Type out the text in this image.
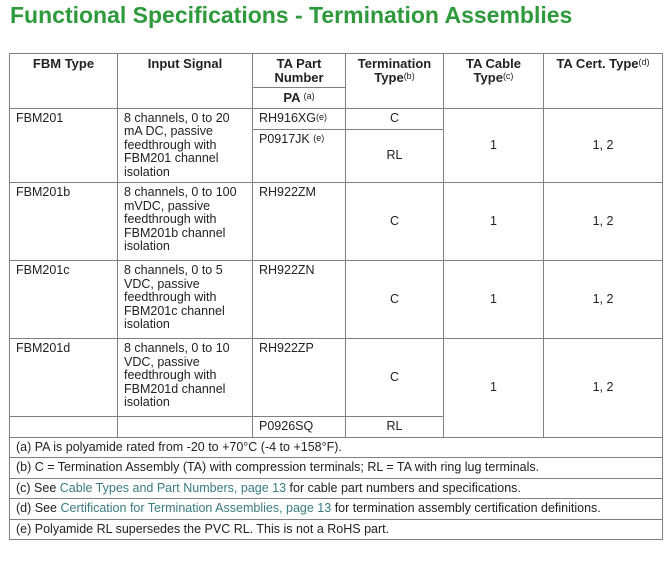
Functional Specifications - Termination Assemblies
FBM Type	Input Signal	TA Part Number	Termination Type$^{(b)}$	TA Cable Type$^{(c)}$	TA Cert. Type$^{(d)}$
		PA $^{(a)}$
FBM201	8 channels, 0 to 20 mA DC, passive feedthrough with FBM201 channel isolation	RH916XG$^{(e)}$	C	1	1, 2
		P0917JK $^{(e)}$	RL		
FBM201b	8 channels, 0 to 100 mVDC, passive feedthrough with FBM201b channel isolation	RH922ZM	C	1	1, 2
FBM201c	8 channels, 0 to 5 VDC, passive feedthrough with FBM201c channel isolation	RH922ZN	C	1	1, 2
FBM201d	8 channels, 0 to 10 VDC, passive feedthrough with FBM201d channel isolation	RH922ZP	C	1	1, 2
		P0926SQ	RL		
(a) PA is polyamide rated from -20 to +70°C (-4 to +158°F).					
(b) C = Termination Assembly (TA) with compression terminals; RL = TA with ring lug terminals.					
(c) See Cable Types and Part Numbers, page 13 for cable part numbers and specifications.					
(d) See Certification for Termination Assemblies, page 13 for termination assembly certification definitions.					
(e) Polyamide RL supersedes the PVC RL. This is not a RoHS part.					
